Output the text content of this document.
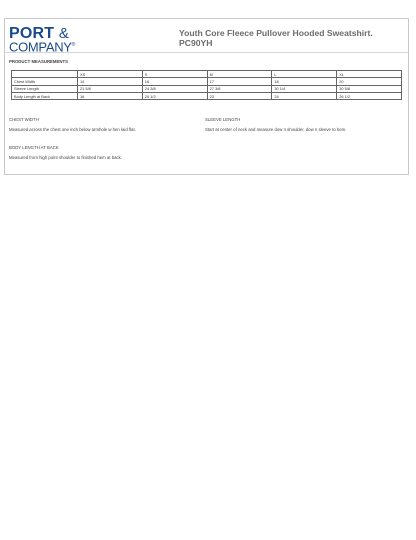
PORT &
COMPANY®
Youth Core Fleece Pullover Hooded Sweatshirt.
PC90YH
PRODUCT MEASUREMENTS
	XS	S	M	L	XL
Chest Width	14	16	17	18	20
Sleeve Length	21 5/8	24 3/8	27 3/8	30 1/4	30 5/8
Body Length at Back	16	20 1/2	23	24	26 1/2
CHEST WIDTH
Measured across the chest one inch below armhole w hen laid flat.
SLEEVE LENGTH
Start at center of neck and measure dow n shoulder, dow n sleeve to hem.
BODY LENGTH AT BACK
Measured from high point shoulder to finished hem at back.
